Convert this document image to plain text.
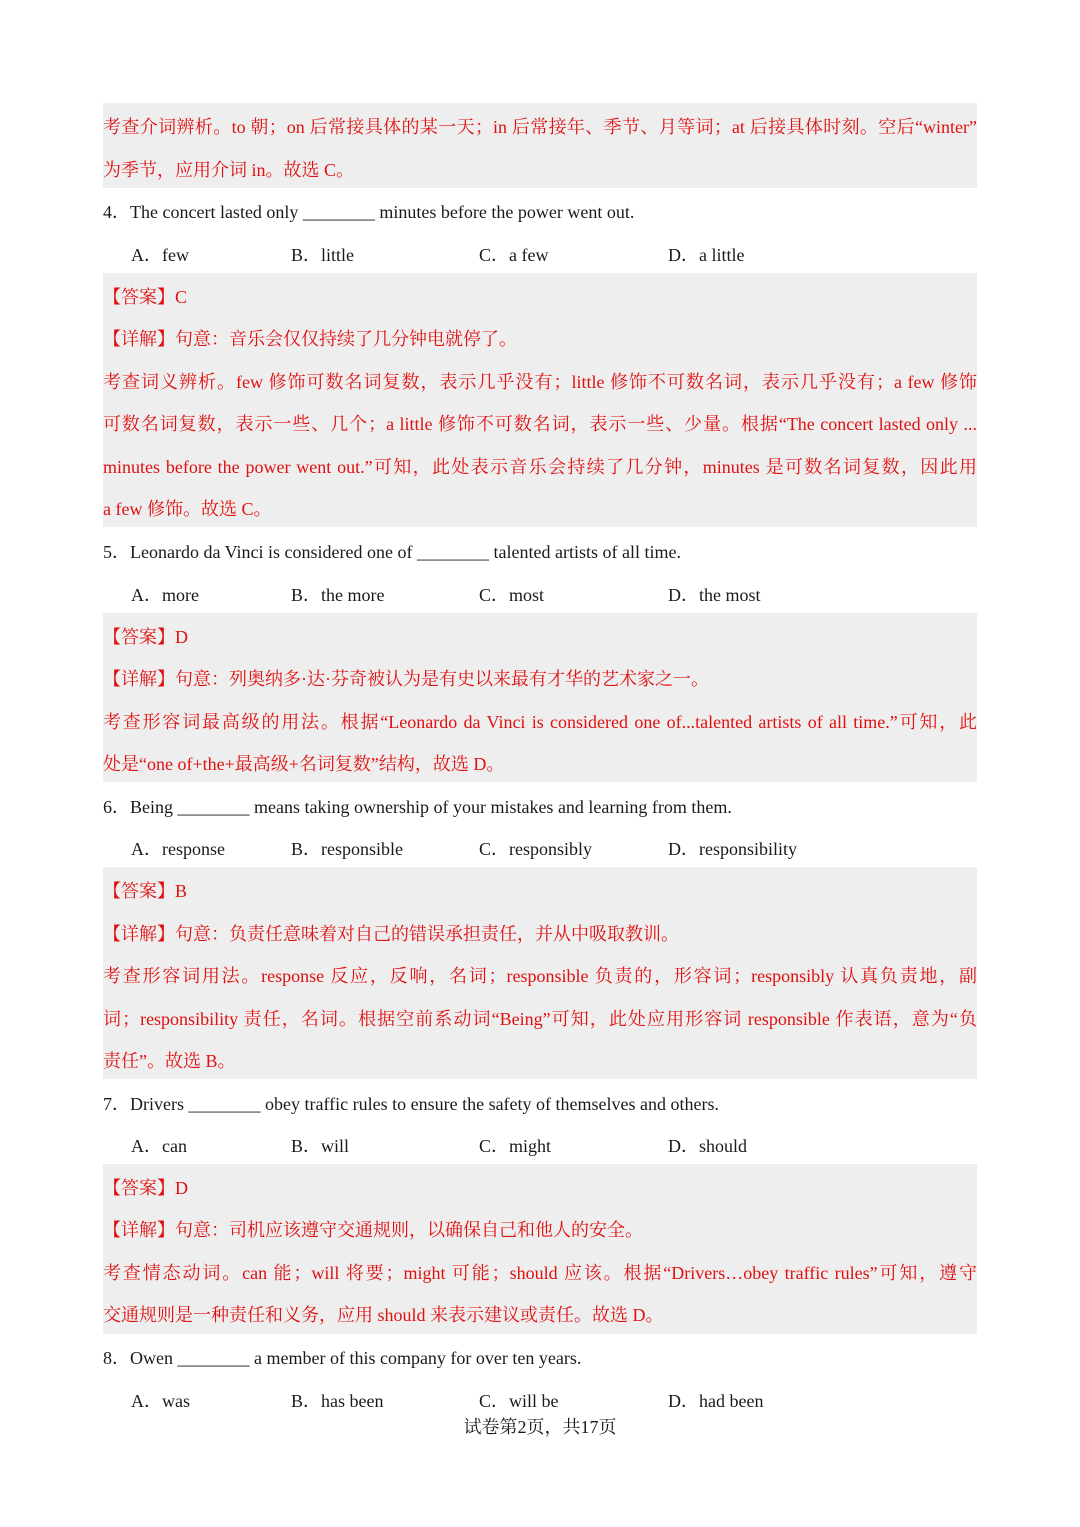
考查介词辨析。to 朝；on 后常接具体的某一天；in 后常接年、季节、月等词；at 后接具体时刻。空后“winter”
为季节，应用介词 in。故选 C。
4．The concert lasted only ________ minutes before the power went out.
A．few	B．little	C．a few	D．a little
【答案】C
【详解】句意：音乐会仅仅持续了几分钟电就停了。
考查词义辨析。few 修饰可数名词复数，表示几乎没有；little 修饰不可数名词，表示几乎没有；a few 修饰
可数名词复数，表示一些、几个；a little 修饰不可数名词，表示一些、少量。根据“The concert lasted only ...
minutes before the power went out.”可知，此处表示音乐会持续了几分钟，minutes 是可数名词复数，因此用
a few 修饰。故选 C。
5．Leonardo da Vinci is considered one of ________ talented artists of all time.
A．more	B．the more	C．most	D．the most
【答案】D
【详解】句意：列奥纳多·达·芬奇被认为是有史以来最有才华的艺术家之一。
考查形容词最高级的用法。根据“Leonardo da Vinci is considered one of...talented artists of all time.”可知，此
处是“one of+the+最高级+名词复数”结构，故选 D。
6．Being ________ means taking ownership of your mistakes and learning from them.
A．response	B．responsible	C．responsibly	D．responsibility
【答案】B
【详解】句意：负责任意味着对自己的错误承担责任，并从中吸取教训。
考查形容词用法。response 反应，反响，名词；responsible 负责的，形容词；responsibly 认真负责地，副
词；responsibility 责任，名词。根据空前系动词“Being”可知，此处应用形容词 responsible 作表语，意为“负
责任”。故选 B。
7．Drivers ________ obey traffic rules to ensure the safety of themselves and others.
A．can	B．will	C．might	D．should
【答案】D
【详解】句意：司机应该遵守交通规则，以确保自己和他人的安全。
考查情态动词。can 能；will 将要；might 可能；should 应该。根据“Drivers…obey traffic rules”可知，遵守
交通规则是一种责任和义务，应用 should 来表示建议或责任。故选 D。
8．Owen ________ a member of this company for over ten years.
A．was	B．has been	C．will be	D．had been
试卷第2页，共17页
